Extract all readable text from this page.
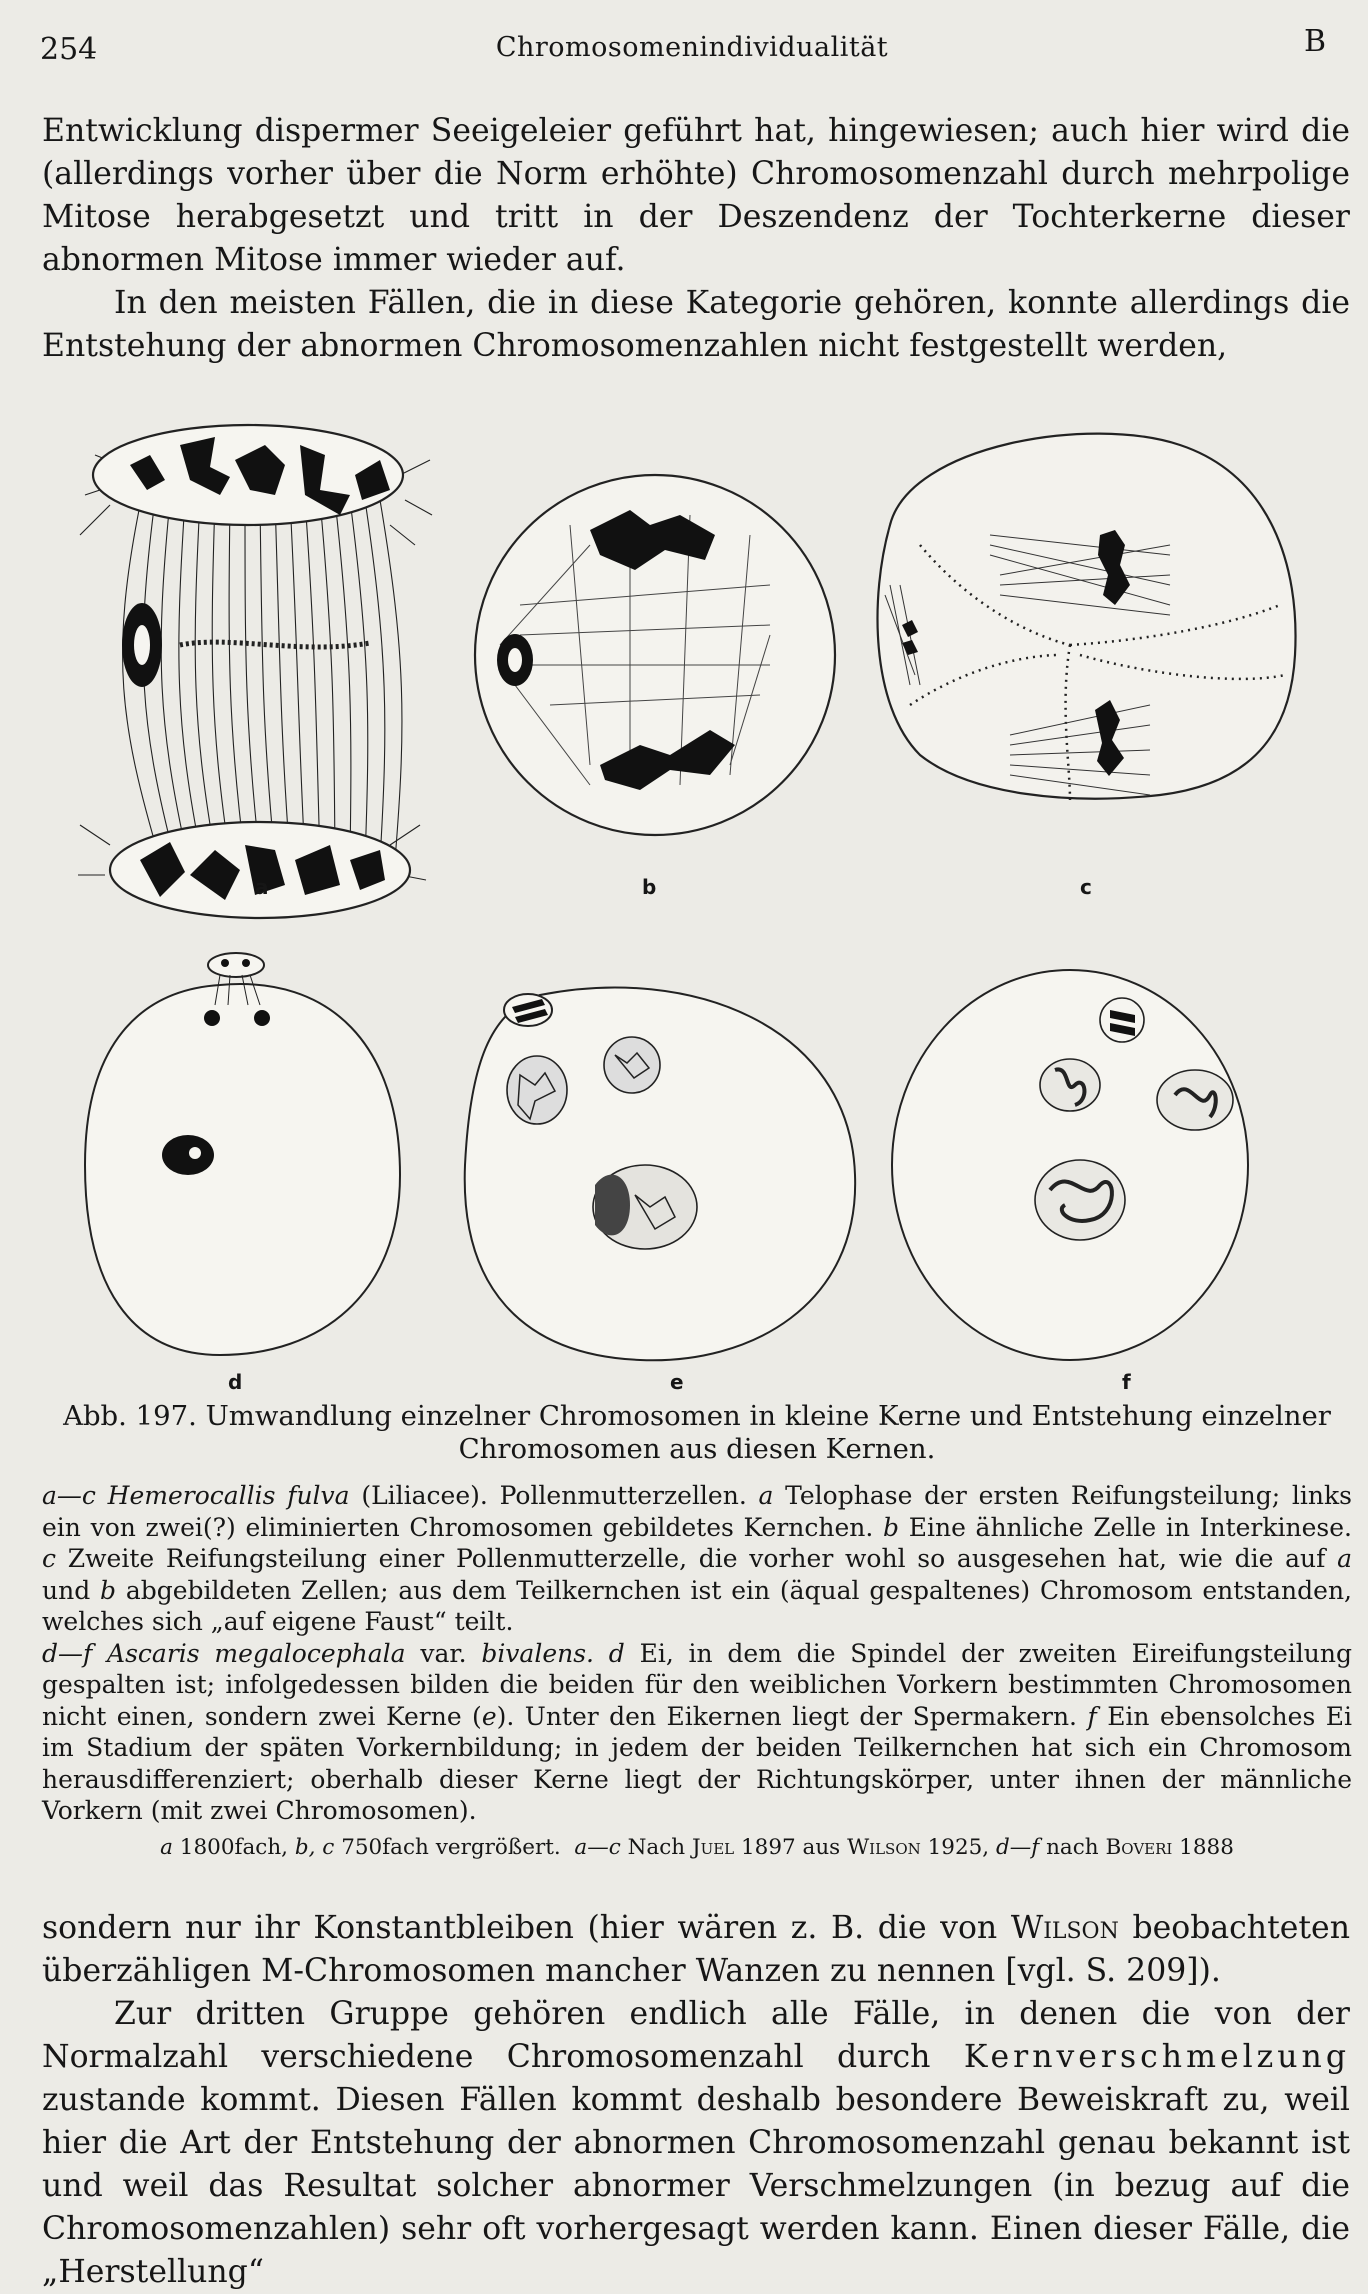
254	Chromosomenindividualität	B

Entwicklung dispermer Seeigeleier geführt hat, hingewiesen; auch hier wird die (allerdings vorher über die Norm erhöhte) Chromosomenzahl durch mehrpolige Mitose herabgesetzt und tritt in der Deszendenz der Tochterkerne dieser abnormen Mitose immer wieder auf.

In den meisten Fällen, die in diese Kategorie gehören, konnte allerdings die Entstehung der abnormen Chromosomenzahlen nicht festgestellt werden,

a	b	c
d	e	f
Abb. 197. Umwandlung einzelner Chromosomen in kleine Kerne und Entstehung einzelner Chromosomen aus diesen Kernen.

a—c Hemerocallis fulva (Liliacee). Pollenmutterzellen. a Telophase der ersten Reifungsteilung; links ein von zwei(?) eliminierten Chromosomen gebildetes Kernchen. b Eine ähnliche Zelle in Interkinese. c Zweite Reifungsteilung einer Pollenmutterzelle, die vorher wohl so ausgesehen hat, wie die auf a und b abgebildeten Zellen; aus dem Teilkernchen ist ein (äqual gespaltenes) Chromosom entstanden, welches sich „auf eigene Faust“ teilt.

d—f Ascaris megalocephala var. bivalens. d Ei, in dem die Spindel der zweiten Eireifungsteilung gespalten ist; infolgedessen bilden die beiden für den weiblichen Vorkern bestimmten Chromosomen nicht einen, sondern zwei Kerne (e). Unter den Eikernen liegt der Spermakern. f Ein ebensolches Ei im Stadium der späten Vorkernbildung; in jedem der beiden Teilkernchen hat sich ein Chromosom herausdifferenziert; oberhalb dieser Kerne liegt der Richtungskörper, unter ihnen der männliche Vorkern (mit zwei Chromosomen).

a 1800fach, b, c 750fach vergrößert. a—c Nach Juel 1897 aus Wilson 1925, d—f nach Boveri 1888

sondern nur ihr Konstantbleiben (hier wären z. B. die von Wilson beobachteten überzähligen M-Chromosomen mancher Wanzen zu nennen [vgl. S. 209]).

Zur dritten Gruppe gehören endlich alle Fälle, in denen die von der Normalzahl verschiedene Chromosomenzahl durch Kernverschmelzung zustande kommt. Diesen Fällen kommt deshalb besondere Beweiskraft zu, weil hier die Art der Entstehung der abnormen Chromosomenzahl genau bekannt ist und weil das Resultat solcher abnormer Verschmelzungen (in bezug auf die Chromosomenzahlen) sehr oft vorhergesagt werden kann. Einen dieser Fälle, die „Herstellung“
